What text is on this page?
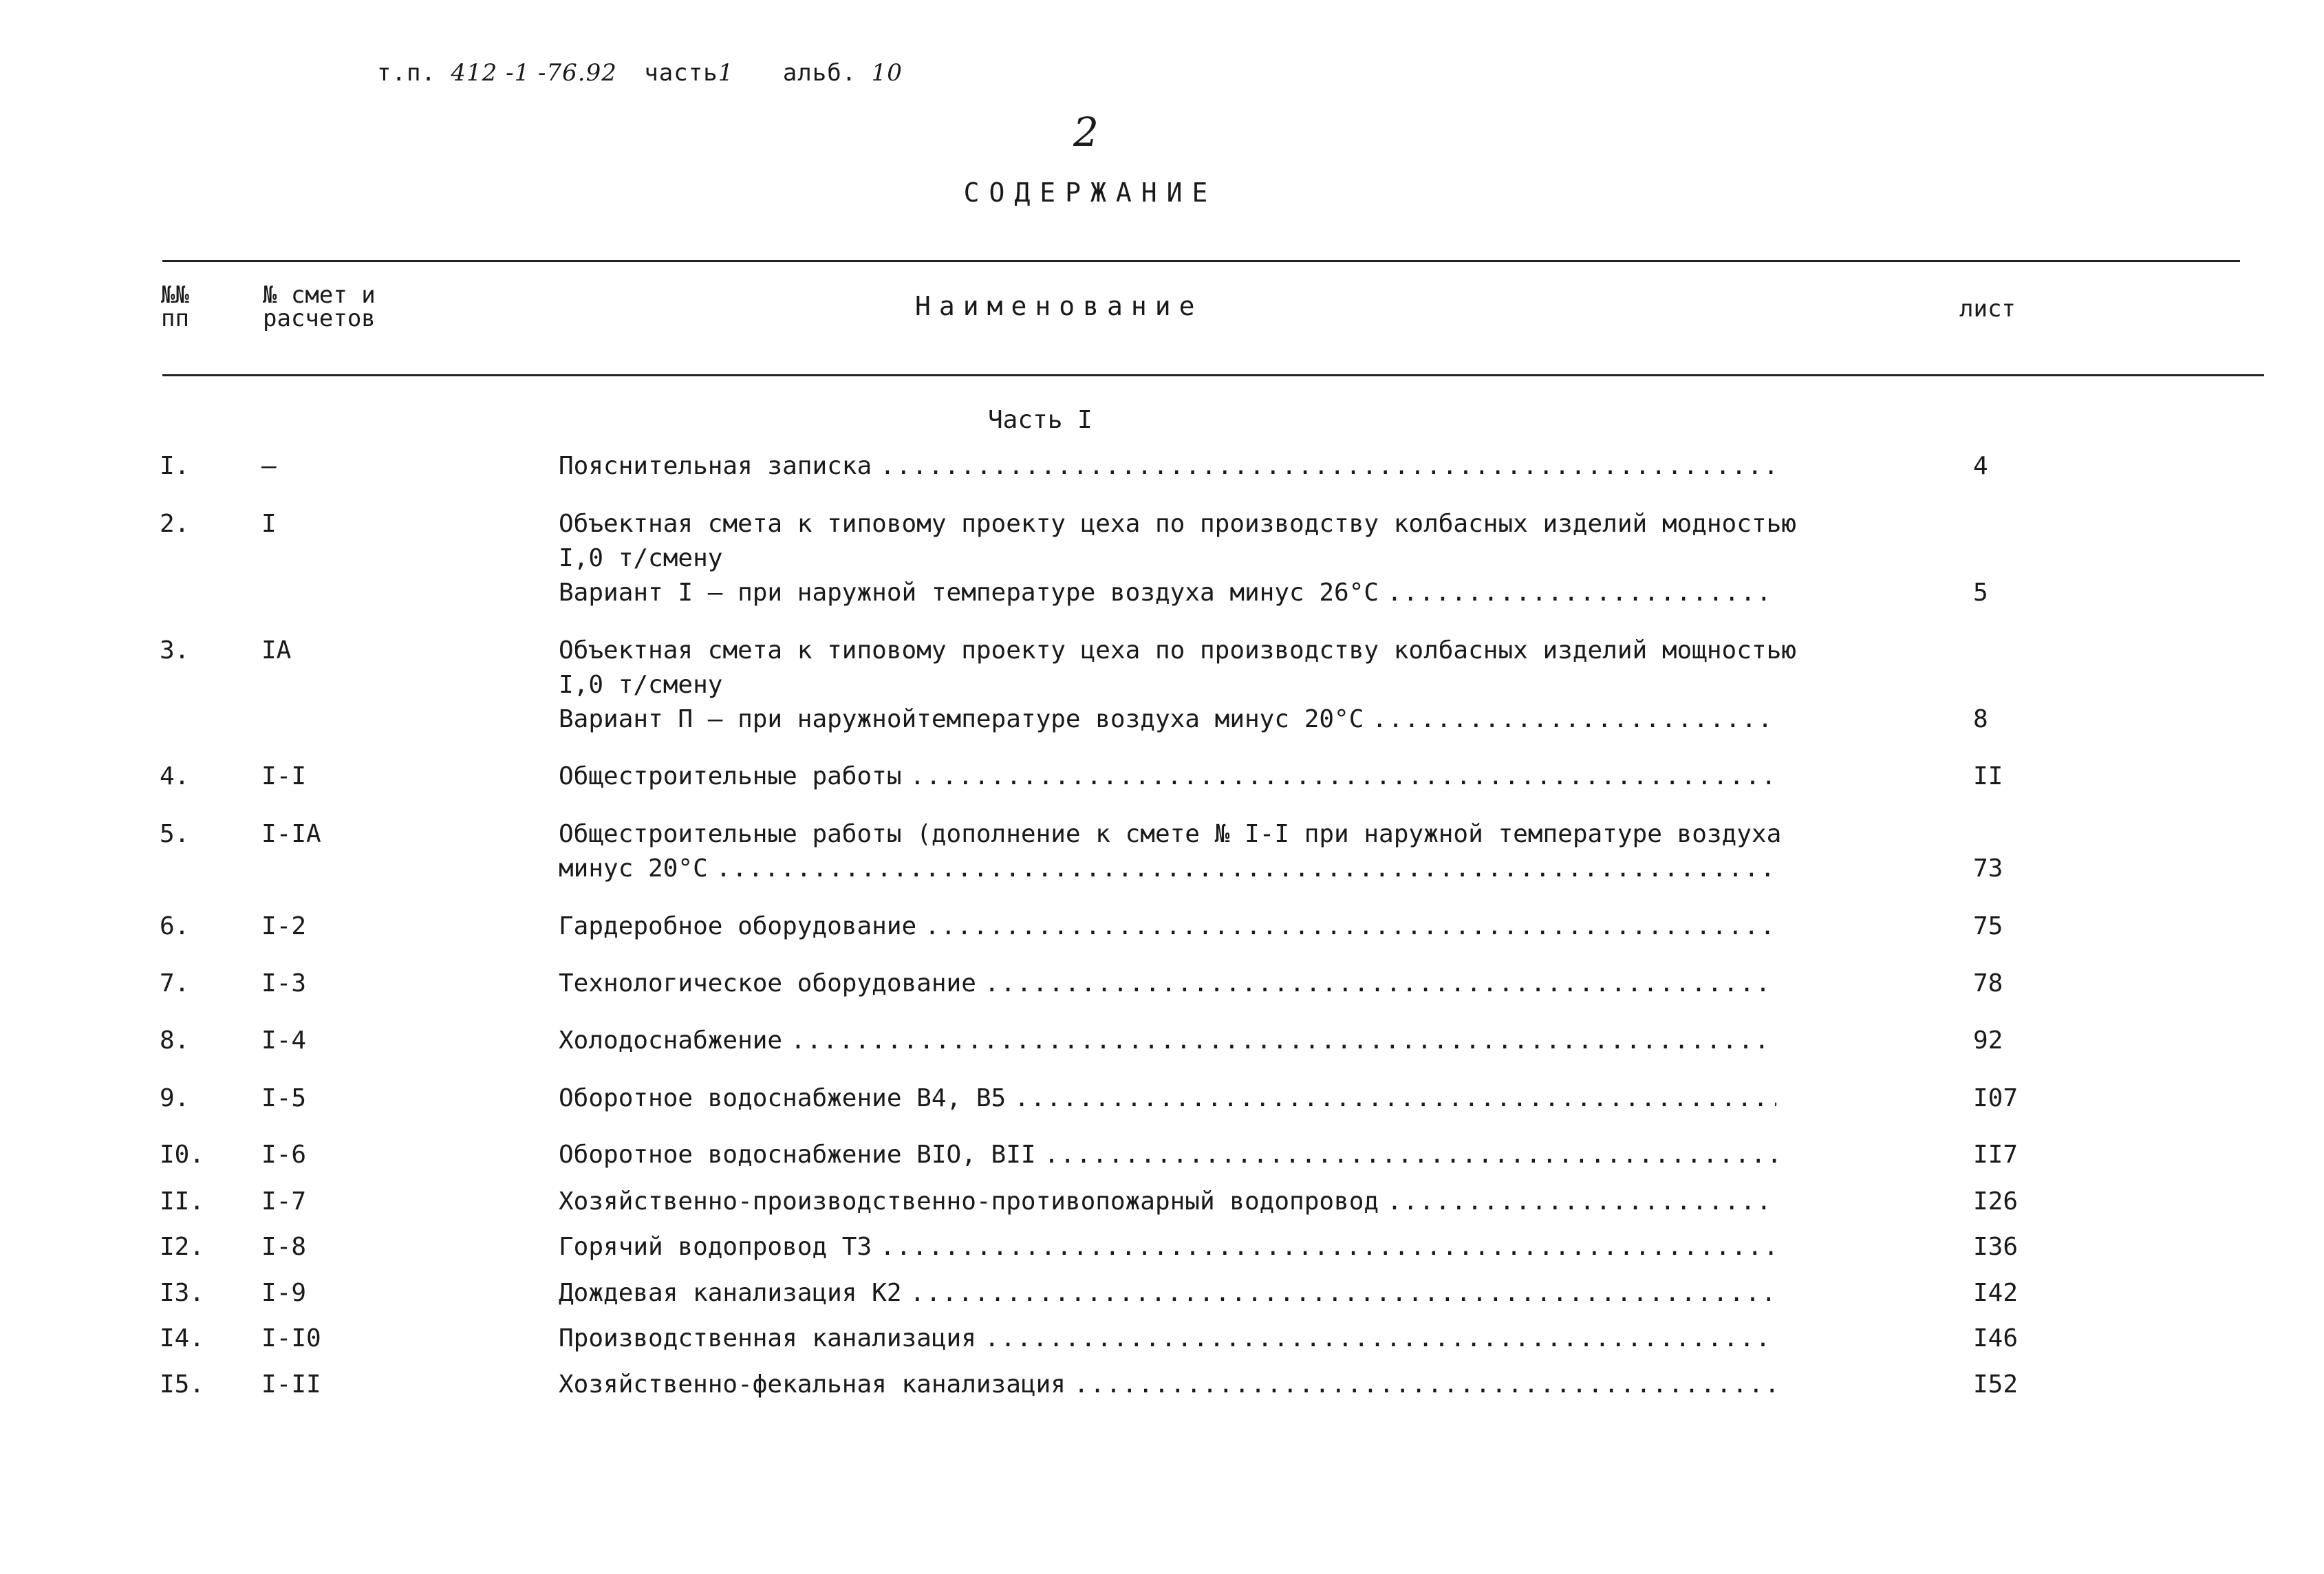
т.п. 412 -1 -76.92 часть1 альб. 10
2
СОДЕРЖАНИЕ
№№
пп
№ смет и
расчетов	Наименование	лист
Часть I
I.	–	Пояснительная записка . . .	4
2.	I	Объектная смета к типовому проекту цеха по производству колбасных изделий модностью
I,0 т/смену
Вариант I – при наружной температуре воздуха минус 26°C . . .	5
3.	IA	Объектная смета к типовому проекту цеха по производству колбасных изделий мощностью
I,0 т/смену
Вариант П – при наружнойтемпературе воздуха минус 20°C . . .	8
4.	I-I	Общестроительные работы . . .	II
5.	I-IA	Общестроительные работы (дополнение к смете № I-I при наружной температуре воздуха
минус 20°C . . .	73
6.	I-2	Гардеробное оборудование . . .	75
7.	I-3	Технологическое оборудование . . .	78
8.	I-4	Холодоснабжение . . .	92
9.	I-5	Оборотное водоснабжение В4, В5 . . .	I07
I0. I-6	Оборотное водоснабжение BIO, BII . . .	II7
II. I-7	Хозяйственно-производственно-противопожарный водопровод . . .	I26
I2. I-8	Горячий водопровод Т3 . . .	I36
I3. I-9	Дождевая канализация К2 . . .	I42
I4. I-I0	Производственная канализация . . .	I46
I5. I-II	Хозяйственно-фекальная канализация . . .	I52
